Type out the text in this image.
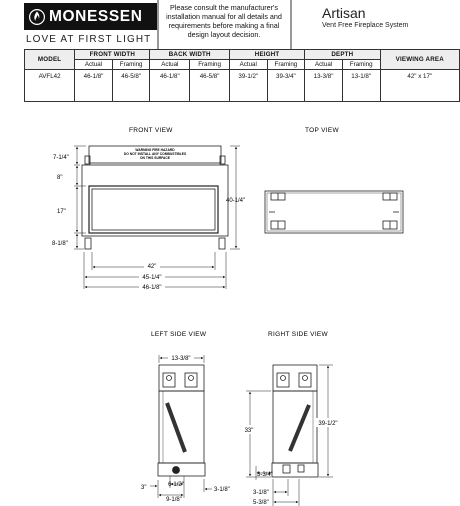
MONESSEN
LOVE AT FIRST LIGHT
Please consult the manufacturer's
installation manual for all details and
requirements before making a final
design layout decision.
Artisan
Vent Free Fireplace System
MODEL	FRONT WIDTH		BACK WIDTH		HEIGHT		DEPTH		VIEWING AREA
	Actual	Framing	Actual	Framing	Actual	Framing	Actual	Framing	
AVFL42	46-1/8"	46-5/8"	46-1/8"	46-5/8"	39-1/2"	39-3/4"	13-3/8"	13-1/8"	42" x 17"
FRONT VIEW	TOP VIEW
LEFT SIDE VIEW	RIGHT SIDE VIEW
WARNING FIRE HAZARD
DO NOT INSTALL ANY COMBUSTIBLES
ON THIS SURFACE
7-1/4"
8"
17"
8-1/8"
40-1/4"
42"
45-1/4"
46-1/8"
13-3/8"
3"	6-1/2"
9-1/8"
3-1/8"
33"
39-1/2"
3-3/4"
3-1/8"
5-3/8"
